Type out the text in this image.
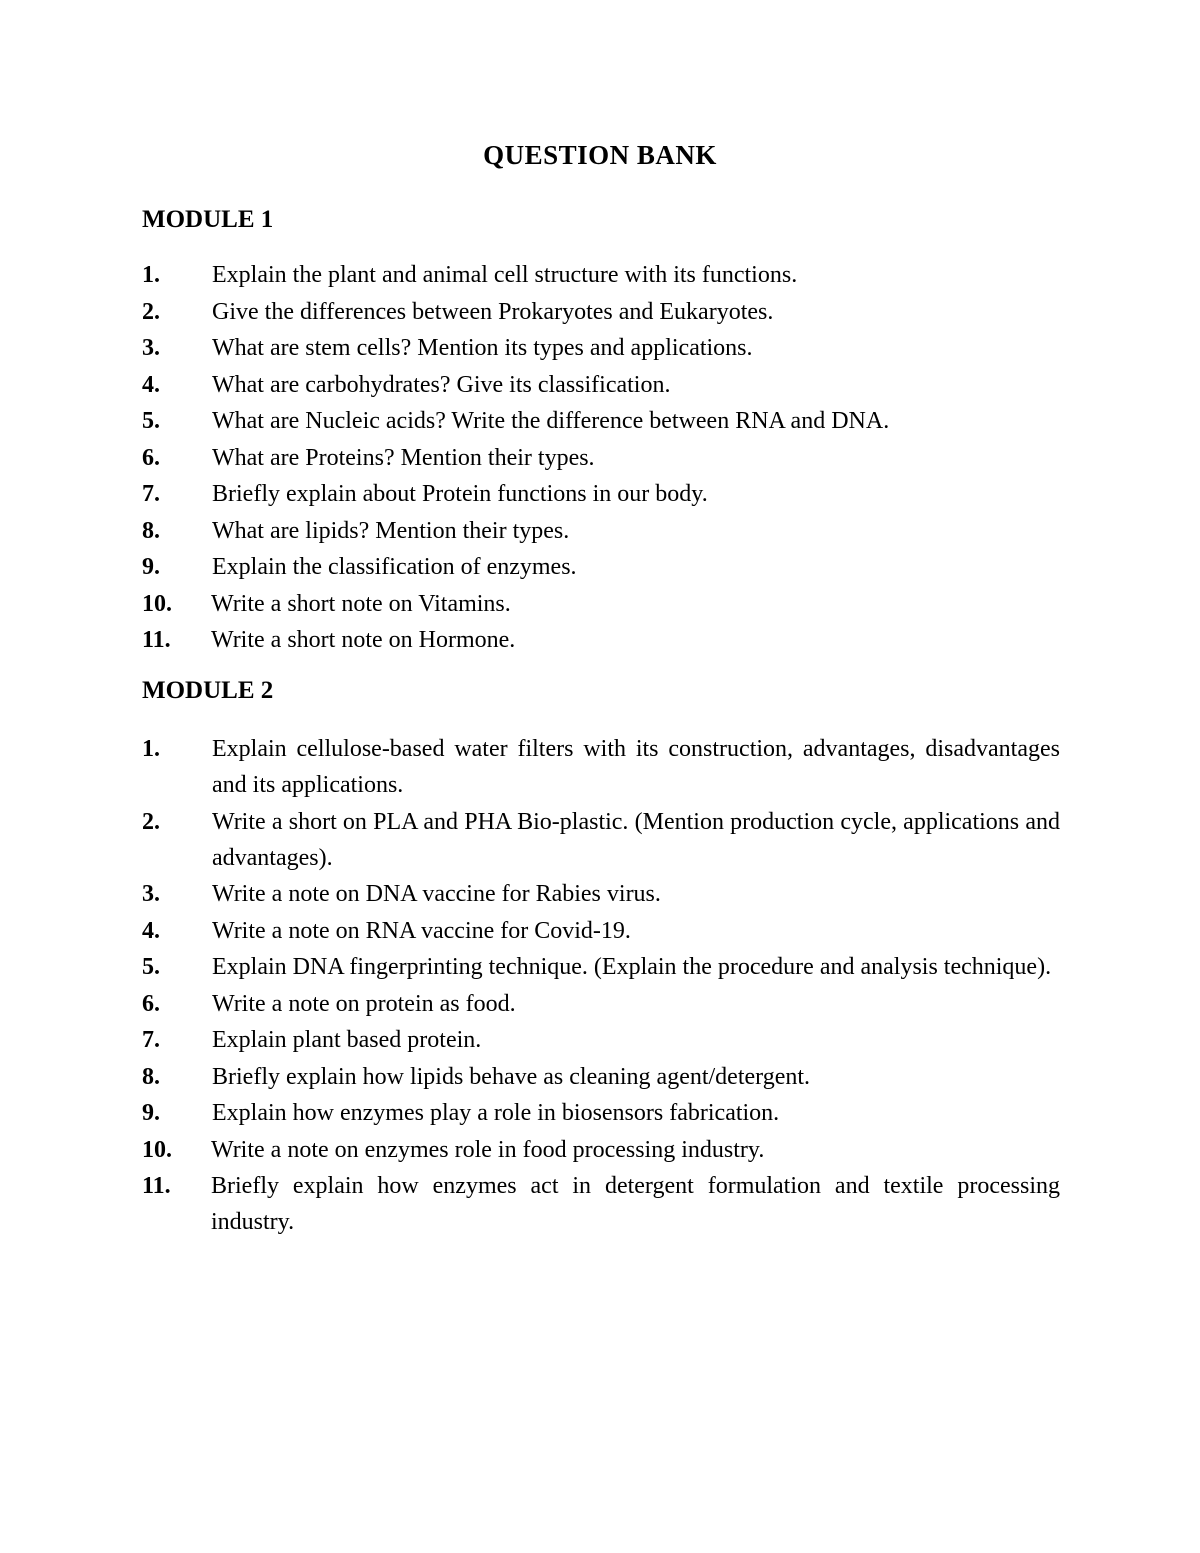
QUESTION BANK
MODULE 1
1.	Explain the plant and animal cell structure with its functions.
2.	Give the differences between Prokaryotes and Eukaryotes.
3.	What are stem cells? Mention its types and applications.
4.	What are carbohydrates? Give its classification.
5.	What are Nucleic acids? Write the difference between RNA and DNA.
6.	What are Proteins? Mention their types.
7.	Briefly explain about Protein functions in our body.
8.	What are lipids? Mention their types.
9.	Explain the classification of enzymes.
10.	Write a short note on Vitamins.
11.	Write a short note on Hormone.
MODULE 2
1.	Explain cellulose-based water filters with its construction, advantages, disadvantages and its applications.
2.	Write a short on PLA and PHA Bio-plastic. (Mention production cycle, applications and advantages).
3.	Write a note on DNA vaccine for Rabies virus.
4.	Write a note on RNA vaccine for Covid-19.
5.	Explain DNA fingerprinting technique. (Explain the procedure and analysis technique).
6.	Write a note on protein as food.
7.	Explain plant based protein.
8.	Briefly explain how lipids behave as cleaning agent/detergent.
9.	Explain how enzymes play a role in biosensors fabrication.
10.	Write a note on enzymes role in food processing industry.
11.	Briefly explain how enzymes act in detergent formulation and textile processing industry.
